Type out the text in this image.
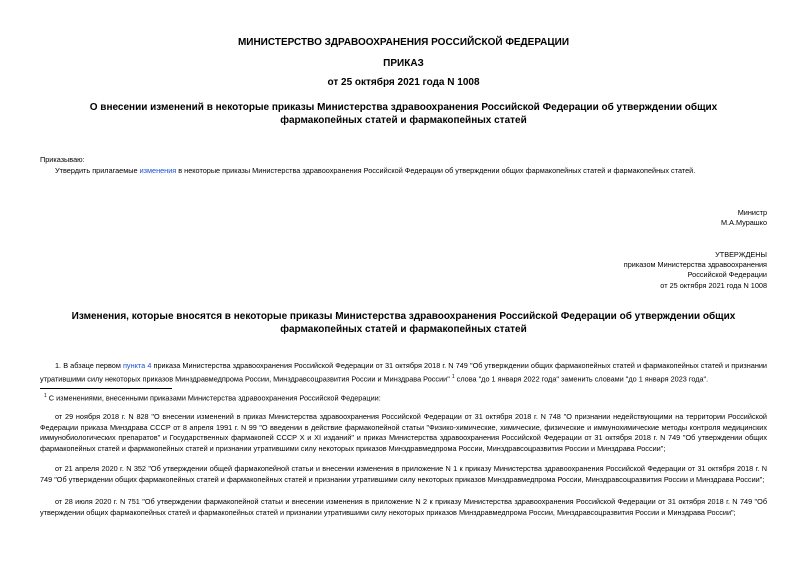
МИНИСТЕРСТВО ЗДРАВООХРАНЕНИЯ РОССИЙСКОЙ ФЕДЕРАЦИИ
ПРИКАЗ
от 25 октября 2021 года N 1008
О внесении изменений в некоторые приказы Министерства здравоохранения Российской Федерации об утверждении общих фармакопейных статей и фармакопейных статей
Приказываю:
Утвердить прилагаемые изменения в некоторые приказы Министерства здравоохранения Российской Федерации об утверждении общих фармакопейных статей и фармакопейных статей.
Министр
М.А.Мурашко
УТВЕРЖДЕНЫ
приказом Министерства здравоохранения
Российской Федерации
от 25 октября 2021 года N 1008
Изменения, которые вносятся в некоторые приказы Министерства здравоохранения Российской Федерации об утверждении общих фармакопейных статей и фармакопейных статей
1. В абзаце первом пункта 4 приказа Министерства здравоохранения Российской Федерации от 31 октября 2018 г. N 749 "Об утверждении общих фармакопейных статей и фармакопейных статей и признании утратившими силу некоторых приказов Минздравмедпрома России, Минздравсоцразвития России и Минздрава России" $^1$ слова "до 1 января 2022 года" заменить словами "до 1 января 2023 года".
$^1$ С изменениями, внесенными приказами Министерства здравоохранения Российской Федерации:
от 29 ноября 2018 г. N 828 "О внесении изменений в приказ Министерства здравоохранения Российской Федерации от 31 октября 2018 г. N 748 "О признании недействующими на территории Российской Федерации приказа Минздрава СССР от 8 апреля 1991 г. N 99 "О введении в действие фармакопейной статьи "Физико-химические, химические, физические и иммунохимические методы контроля медицинских иммунобиологических препаратов" и Государственных фармакопей СССР X и XI изданий" и приказ Министерства здравоохранения Российской Федерации от 31 октября 2018 г. N 749 "Об утверждении общих фармакопейных статей и фармакопейных статей и признании утратившими силу некоторых приказов Минздравмедпрома России, Минздравсоцразвития России и Минздрава России";
от 21 апреля 2020 г. N 352 "Об утверждении общей фармакопейной статьи и внесении изменения в приложение N 1 к приказу Министерства здравоохранения Российской Федерации от 31 октября 2018 г. N 749 "Об утверждении общих фармакопейных статей и фармакопейных статей и признании утратившими силу некоторых приказов Минздравмедпрома России, Минздравсоцразвития России и Минздрава России";
от 28 июля 2020 г. N 751 "Об утверждении фармакопейной статьи и внесении изменения в приложение N 2 к приказу Министерства здравоохранения Российской Федерации от 31 октября 2018 г. N 749 "Об утверждении общих фармакопейных статей и фармакопейных статей и признании утратившими силу некоторых приказов Минздравмедпрома России, Минздравсоцразвития России и Минздрава России";
